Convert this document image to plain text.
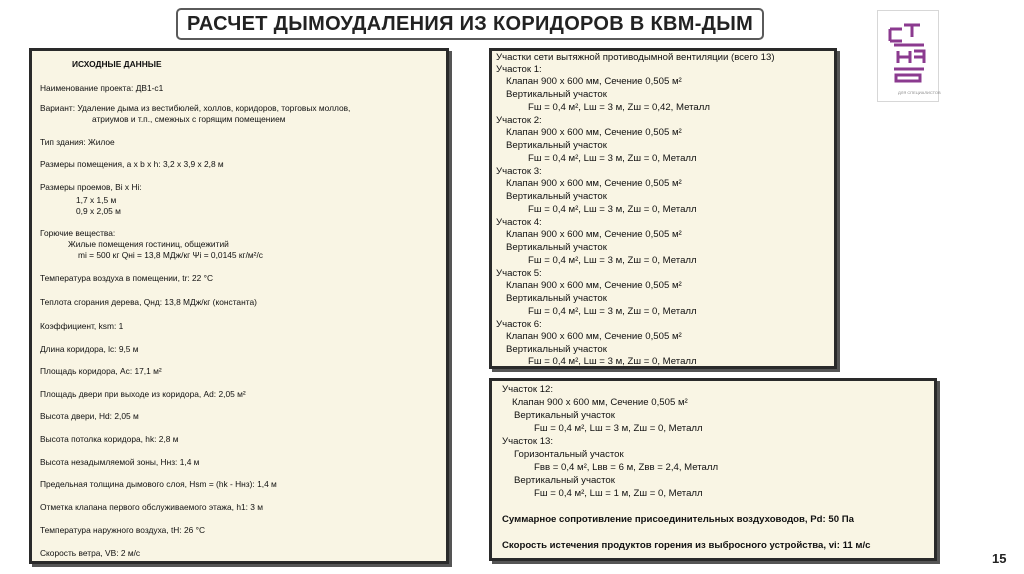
РАСЧЕТ ДЫМОУДАЛЕНИЯ ИЗ КОРИДОРОВ В КВМ-ДЫМ
ДЛЯ СПЕЦИАЛИСТОВ
ИСХОДНЫЕ ДАННЫЕ
Наименование проекта: ДВ1-с1
Вариант: Удаление дыма из вестибюлей, холлов, коридоров, торговых моллов,
атриумов и т.п., смежных с горящим помещением
Тип здания: Жилое
Размеры помещения, a x b x h: 3,2 x 3,9 x 2,8 м
Размеры проемов, Bi x Hi:
1,7 x 1,5 м
0,9 x 2,05 м
Горючие вещества:
Жилые помещения гостиниц, общежитий
mi = 500 кг Qнi = 13,8 МДж/кг Ψi = 0,0145 кг/м²/с
Температура воздуха в помещении, tr: 22 °С
Теплота сгорания дерева, Qнд: 13,8 МДж/кг (константа)
Коэффициент, ksm: 1
Длина коридора, lc: 9,5 м
Площадь коридора, Ac: 17,1 м²
Площадь двери при выходе из коридора, Ad: 2,05 м²
Высота двери, Hd: 2,05 м
Высота потолка коридора, hk: 2,8 м
Высота незадымляемой зоны, Hнз: 1,4 м
Предельная толщина дымового слоя, Hsm = (hk - Hнз): 1,4 м
Отметка клапана первого обслуживаемого этажа, h1: 3 м
Температура наружного воздуха, tH: 26 °С
Скорость ветра, VB: 2 м/с
Участки сети вытяжной противодымной вентиляции (всего 13)
Участок 1:
Клапан 900 x 600 мм, Сечение 0,505 м²
Вертикальный участок
Fш = 0,4 м², Lш = 3 м, Zш = 0,42, Металл
Участок 2:
Клапан 900 x 600 мм, Сечение 0,505 м²
Вертикальный участок
Fш = 0,4 м², Lш = 3 м, Zш = 0, Металл
Участок 3:
Клапан 900 x 600 мм, Сечение 0,505 м²
Вертикальный участок
Fш = 0,4 м², Lш = 3 м, Zш = 0, Металл
Участок 4:
Клапан 900 x 600 мм, Сечение 0,505 м²
Вертикальный участок
Fш = 0,4 м², Lш = 3 м, Zш = 0, Металл
Участок 5:
Клапан 900 x 600 мм, Сечение 0,505 м²
Вертикальный участок
Fш = 0,4 м², Lш = 3 м, Zш = 0, Металл
Участок 6:
Клапан 900 x 600 мм, Сечение 0,505 м²
Вертикальный участок
Fш = 0,4 м², Lш = 3 м, Zш = 0, Металл
Участок 12:
Клапан 900 x 600 мм, Сечение 0,505 м²
Вертикальный участок
Fш = 0,4 м², Lш = 3 м, Zш = 0, Металл
Участок 13:
Горизонтальный участок
Fвв = 0,4 м², Lвв = 6 м, Zвв = 2,4, Металл
Вертикальный участок
Fш = 0,4 м², Lш = 1 м, Zш = 0, Металл
Суммарное сопротивление присоединительных воздуховодов, Pd: 50 Па
Скорость истечения продуктов горения из выбросного устройства, vi: 11 м/с
15
